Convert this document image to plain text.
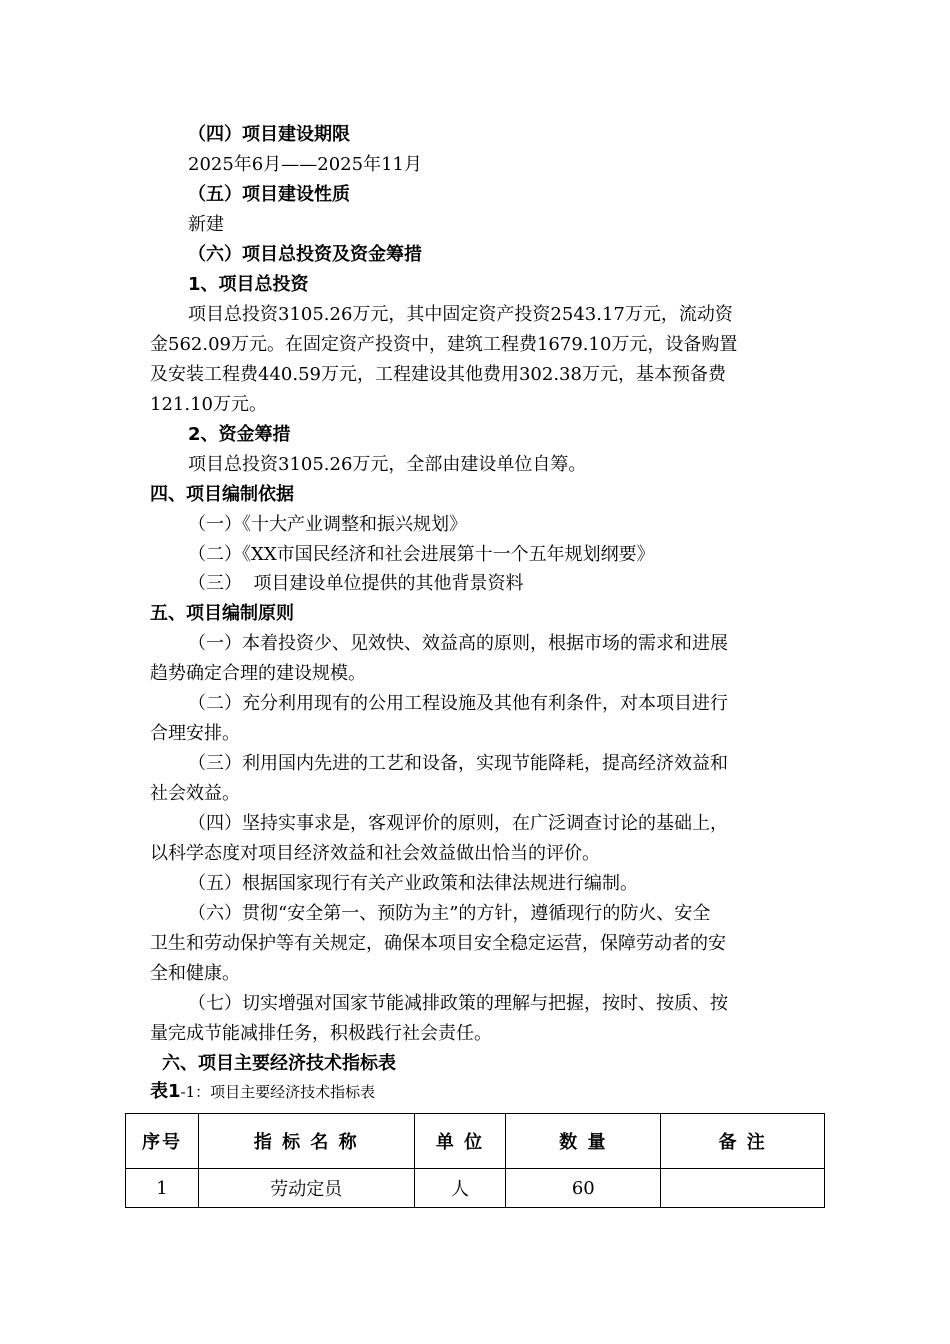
（四）项目建设期限
2025年6月——2025年11月
（五）项目建设性质
新建
（六）项目总投资及资金筹措
1、项目总投资
项目总投资3105.26万元，其中固定资产投资2543.17万元，流动资
金562.09万元。在固定资产投资中，建筑工程费1679.10万元，设备购置
及安装工程费440.59万元，工程建设其他费用302.38万元，基本预备费
121.10万元。
2、资金筹措
项目总投资3105.26万元，全部由建设单位自筹。
四、项目编制依据
（一）《十大产业调整和振兴规划》
（二）《XX市国民经济和社会进展第十一个五年规划纲要》
（三）  项目建设单位提供的其他背景资料
五、项目编制原则
（一）本着投资少、见效快、效益高的原则，根据市场的需求和进展
趋势确定合理的建设规模。
（二）充分利用现有的公用工程设施及其他有利条件，对本项目进行
合理安排。
（三）利用国内先进的工艺和设备，实现节能降耗，提高经济效益和
社会效益。
（四）坚持实事求是，客观评价的原则，在广泛调查讨论的基础上，
以科学态度对项目经济效益和社会效益做出恰当的评价。
（五）根据国家现行有关产业政策和法律法规进行编制。
（六）贯彻“安全第一、预防为主”的方针，遵循现行的防火、安全
卫生和劳动保护等有关规定，确保本项目安全稳定运营，保障劳动者的安
全和健康。
（七）切实增强对国家节能减排政策的理解与把握，按时、按质、按
量完成节能减排任务，积极践行社会责任。
六、项目主要经济技术指标表
表1-1：项目主要经济技术指标表
序号	指 标 名 称	单 位	数 量	备 注
1	劳动定员	人	60	
